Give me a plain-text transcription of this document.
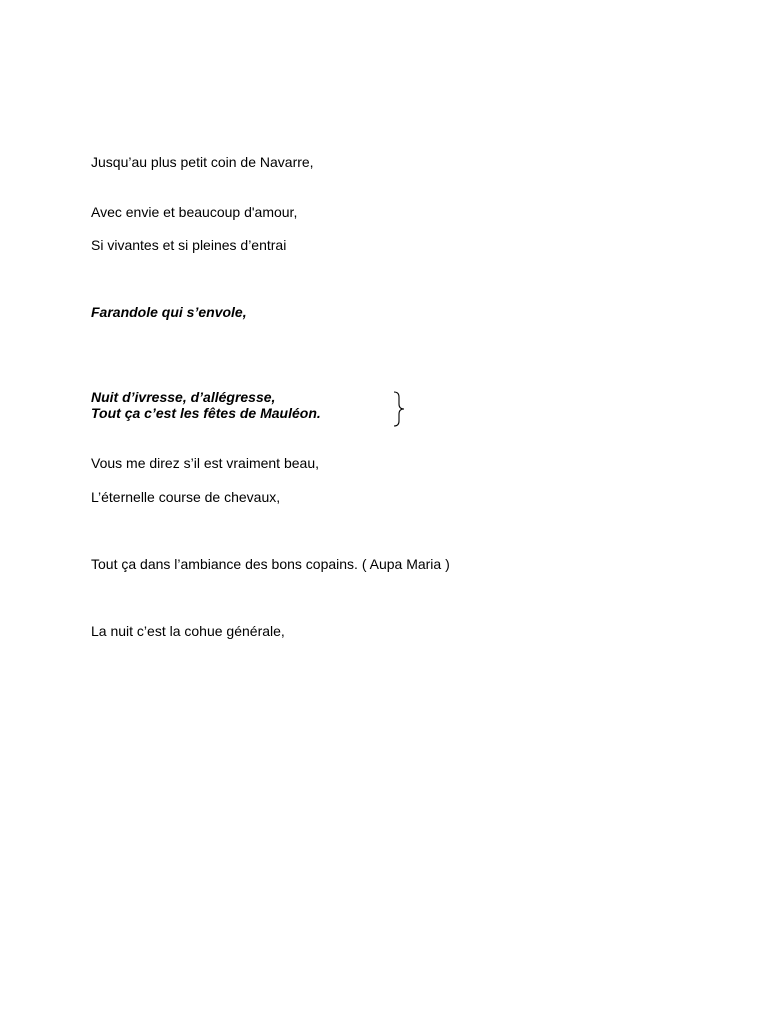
Jusqu’au plus petit coin de Navarre,
Avec envie et beaucoup d'amour,
Si vivantes et si pleines d’entrai
Farandole qui s’envole,
Nuit d’ivresse, d’allégresse,
Tout ça c’est les fêtes de Mauléon.
Vous me direz s’il est vraiment beau,
L’éternelle course de chevaux,
Tout ça dans l’ambiance des bons copains. ( Aupa Maria )
La nuit c’est la cohue générale,
